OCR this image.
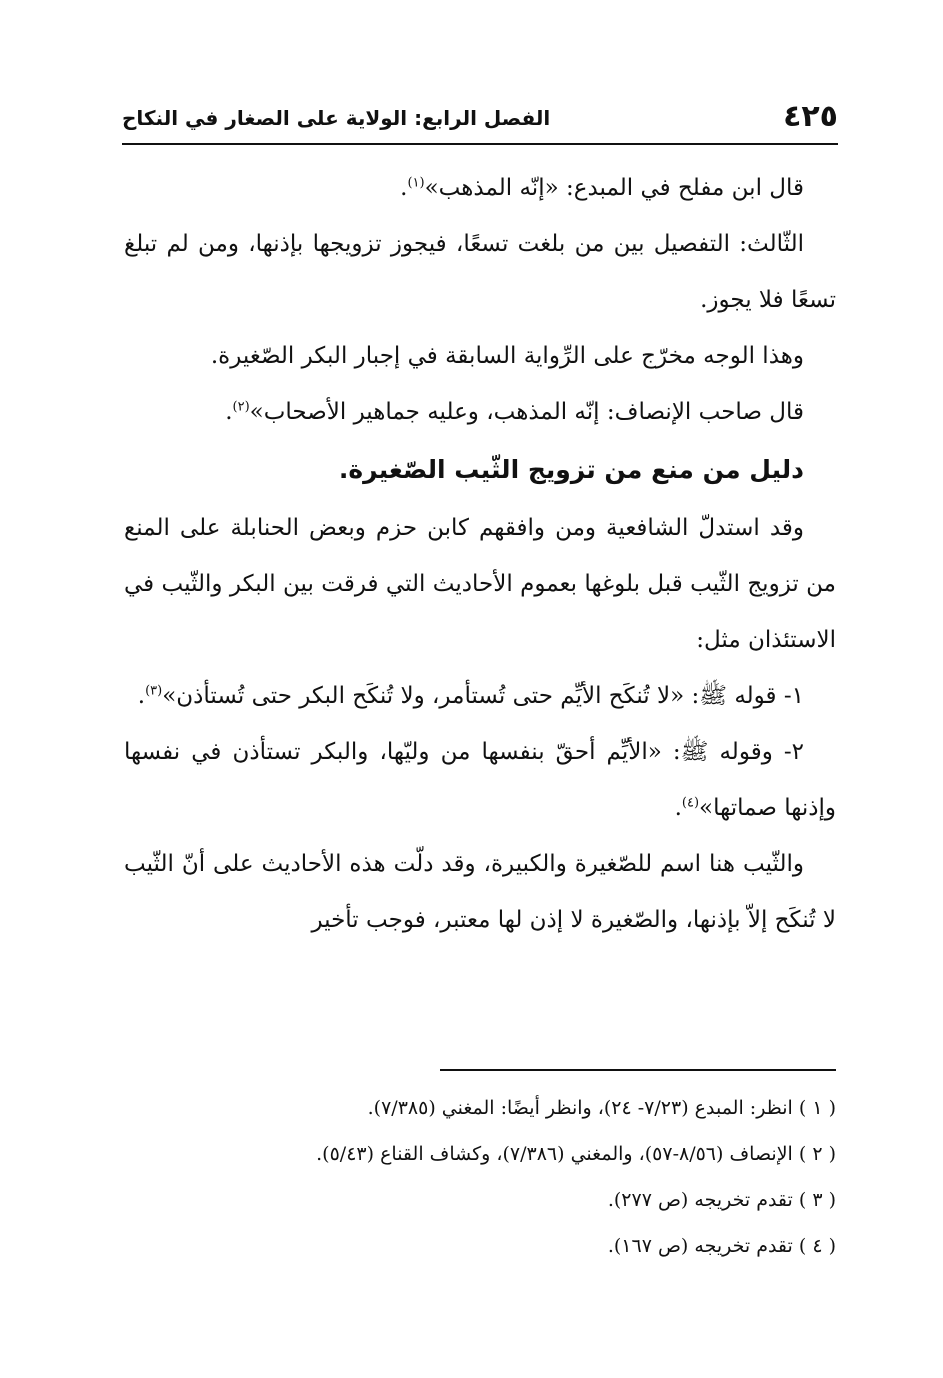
٤٢٥
الفصل الرابع: الولاية على الصغار في النكاح

قال ابن مفلح في المبدع: «إنّه المذهب»$^{(١)}$.

الثّالث: التفصيل بين من بلغت تسعًا، فيجوز تزويجها بإذنها، ومن لم تبلغ تسعًا فلا يجوز.

وهذا الوجه مخرّج على الرِّواية السابقة في إجبار البكر الصّغيرة.

قال صاحب الإنصاف: إنّه المذهب، وعليه جماهير الأصحاب»$^{(٢)}$.

دليل من منع من تزويج الثّيب الصّغيرة.

وقد استدلّ الشافعية ومن وافقهم كابن حزم وبعض الحنابلة على المنع من تزويج الثّيب قبل بلوغها بعموم الأحاديث التي فرقت بين البكر والثّيب في الاستئذان مثل:

١- قوله ﷺ: «لا تُنكَح الأيِّم حتى تُستأمر، ولا تُنكَح البكر حتى تُستأذن»$^{(٣)}$.

٢- وقوله ﷺ: «الأيِّم أحقّ بنفسها من وليّها، والبكر تستأذن في نفسها وإذنها صماتها»$^{(٤)}$.

والثّيب هنا اسم للصّغيرة والكبيرة، وقد دلّت هذه الأحاديث على أنّ الثّيب لا تُنكَح إلاّ بإذنها، والصّغيرة لا إذن لها معتبر، فوجب تأخير

( ١ ) انظر: المبدع (٧/٢٣- ٢٤)، وانظر أيضًا: المغني (٧/٣٨٥).

( ٢ ) الإنصاف (٨/٥٦-٥٧)، والمغني (٧/٣٨٦)، وكشاف القناع (٥/٤٣).

( ٣ ) تقدم تخريجه (ص ٢٧٧).

( ٤ ) تقدم تخريجه (ص ١٦٧).
